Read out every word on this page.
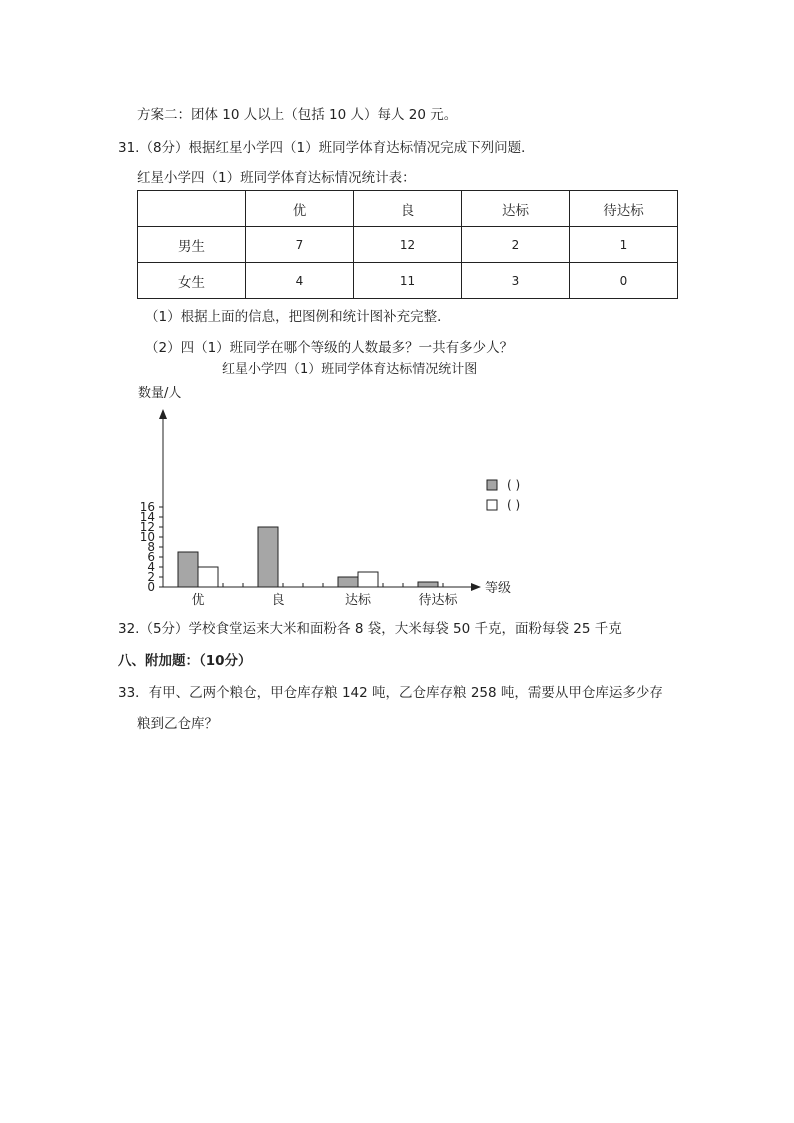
方案二：团体 10 人以上（包括 10 人）每人 20 元。
31.（8分）根据红星小学四（1）班同学体育达标情况完成下列问题．
红星小学四（1）班同学体育达标情况统计表：
	优	良	达标	待达标
男生	7	12	2	1
女生	4	11	3	0
（1）根据上面的信息，把图例和统计图补充完整．
（2）四（1）班同学在哪个等级的人数最多？一共有多少人？
红星小学四（1）班同学体育达标情况统计图
数量/人
等级
0
2
4
6
8
10
12
14
16
优	良	达标	待达标
( )
( )
32.（5分）学校食堂运来大米和面粉各 8 袋，大米每袋 50 千克，面粉每袋 25 千克
八、附加题：（10分）
33．有甲、乙两个粮仓，甲仓库存粮 142 吨，乙仓库存粮 258 吨，需要从甲仓库运多少存
粮到乙仓库？
